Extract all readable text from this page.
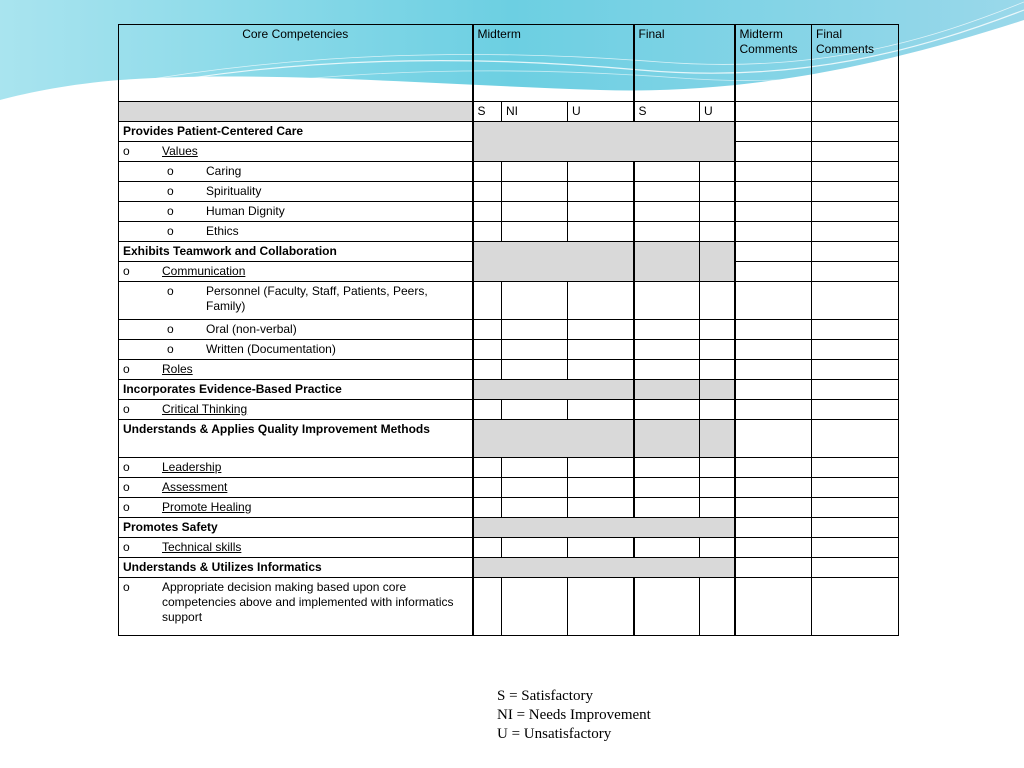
Core Competencies	Midterm			Final		Midterm Comments	Final Comments
	S	NI	U	S	U		
Provides Patient-Centered Care							

o Values							

o Caring							

o Spirituality							

o Human Dignity							

o Ethics							

Exhibits Teamwork and Collaboration							

o Communication							

o Personnel (Faculty, Staff, Patients, Peers, Family)							

o Oral (non-verbal)							

o Written (Documentation)							

o Roles							

Incorporates Evidence-Based Practice							

o Critical Thinking							

Understands & Applies Quality Improvement Methods							

o Leadership							

o Assessment							

o Promote Healing							

Promotes Safety							

o Technical skills							

Understands & Utilizes Informatics							

o Appropriate decision making based upon core competencies above and implemented with informatics support							

S = Satisfactory
NI = Needs Improvement
U = Unsatisfactory
